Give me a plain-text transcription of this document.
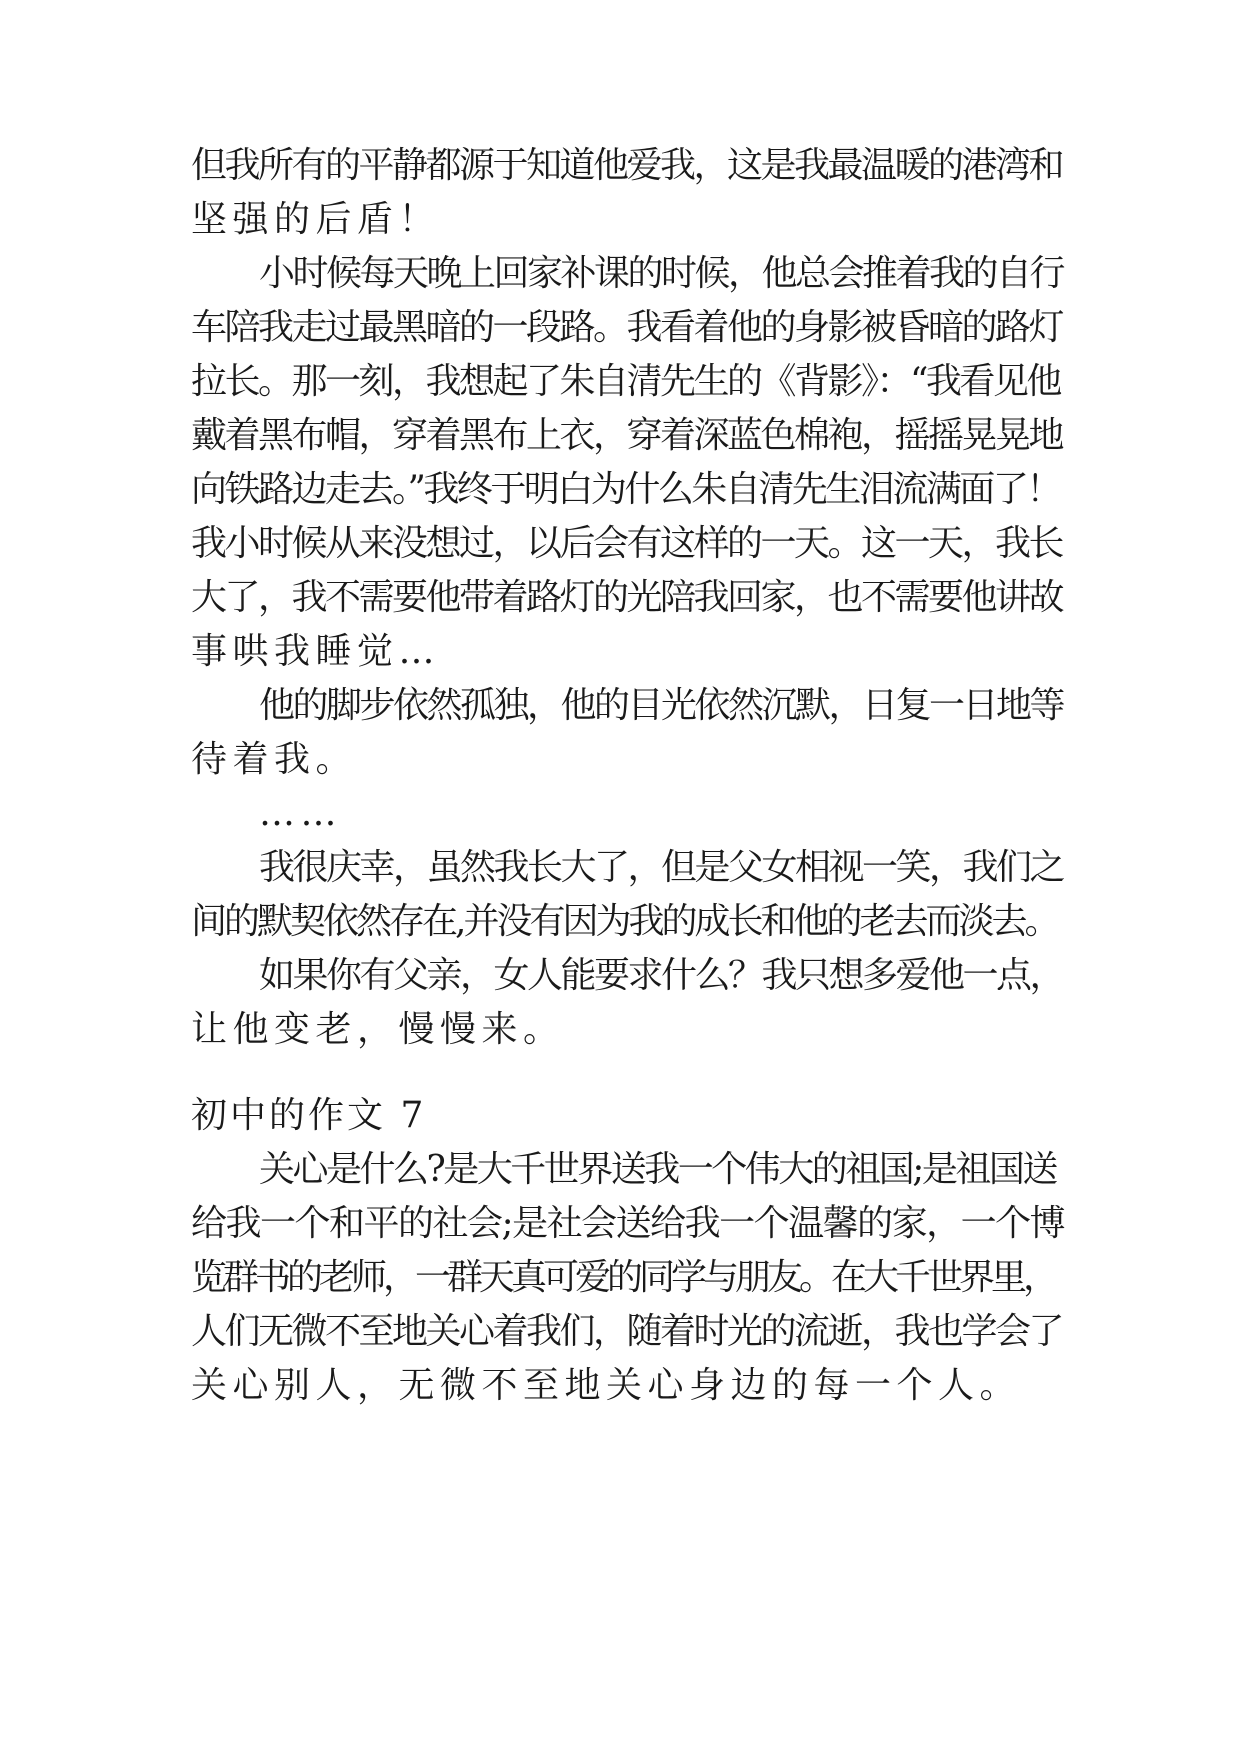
但我所有的平静都源于知道他爱我，这是我最温暖的港湾和
坚强的后盾！
小时候每天晚上回家补课的时候，他总会推着我的自行
车陪我走过最黑暗的一段路。我看着他的身影被昏暗的路灯
拉长。那一刻，我想起了朱自清先生的《背影》：“我看见他
戴着黑布帽，穿着黑布上衣，穿着深蓝色棉袍，摇摇晃晃地
向铁路边走去。”我终于明白为什么朱自清先生泪流满面了！
我小时候从来没想过，以后会有这样的一天。这一天，我长
大了，我不需要他带着路灯的光陪我回家，也不需要他讲故
事哄我睡觉…
他的脚步依然孤独，他的目光依然沉默，日复一日地等
待着我。
……
我很庆幸，虽然我长大了，但是父女相视一笑，我们之
间的默契依然存在,并没有因为我的成长和他的老去而淡去。
如果你有父亲，女人能要求什么？我只想多爱他一点，
让他变老，慢慢来。
初中的作文 7
关心是什么?是大千世界送我一个伟大的祖国;是祖国送
给我一个和平的社会;是社会送给我一个温馨的家，一个博
览群书的老师，一群天真可爱的同学与朋友。在大千世界里，
人们无微不至地关心着我们，随着时光的流逝，我也学会了
关心别人，无微不至地关心身边的每一个人。
